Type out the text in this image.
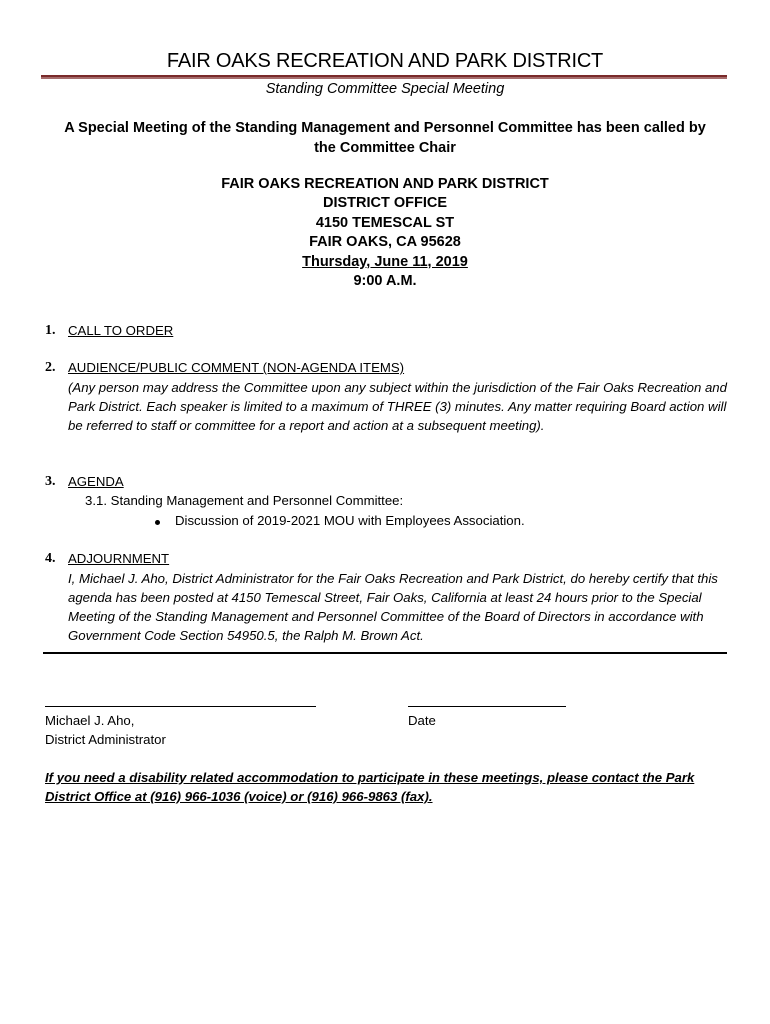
FAIR OAKS RECREATION AND PARK DISTRICT
Standing Committee Special Meeting
A Special Meeting of the Standing Management and Personnel Committee has been called by the Committee Chair
FAIR OAKS RECREATION AND PARK DISTRICT
DISTRICT OFFICE
4150 TEMESCAL ST
FAIR OAKS, CA 95628
Thursday, June 11, 2019
9:00 A.M.
1. CALL TO ORDER
2. AUDIENCE/PUBLIC COMMENT (NON-AGENDA ITEMS)
(Any person may address the Committee upon any subject within the jurisdiction of the Fair Oaks Recreation and Park District. Each speaker is limited to a maximum of THREE (3) minutes. Any matter requiring Board action will be referred to staff or committee for a report and action at a subsequent meeting).
3. AGENDA
3.1. Standing Management and Personnel Committee:
Discussion of 2019-2021 MOU with Employees Association.
4. ADJOURNMENT
I, Michael J. Aho, District Administrator for the Fair Oaks Recreation and Park District, do hereby certify that this agenda has been posted at 4150 Temescal Street, Fair Oaks, California at least 24 hours prior to the Special Meeting of the Standing Management and Personnel Committee of the Board of Directors in accordance with Government Code Section 54950.5, the Ralph M. Brown Act.
Michael J. Aho,
District Administrator
Date
If you need a disability related accommodation to participate in these meetings, please contact the Park District Office at (916) 966-1036 (voice) or (916) 966-9863 (fax).
